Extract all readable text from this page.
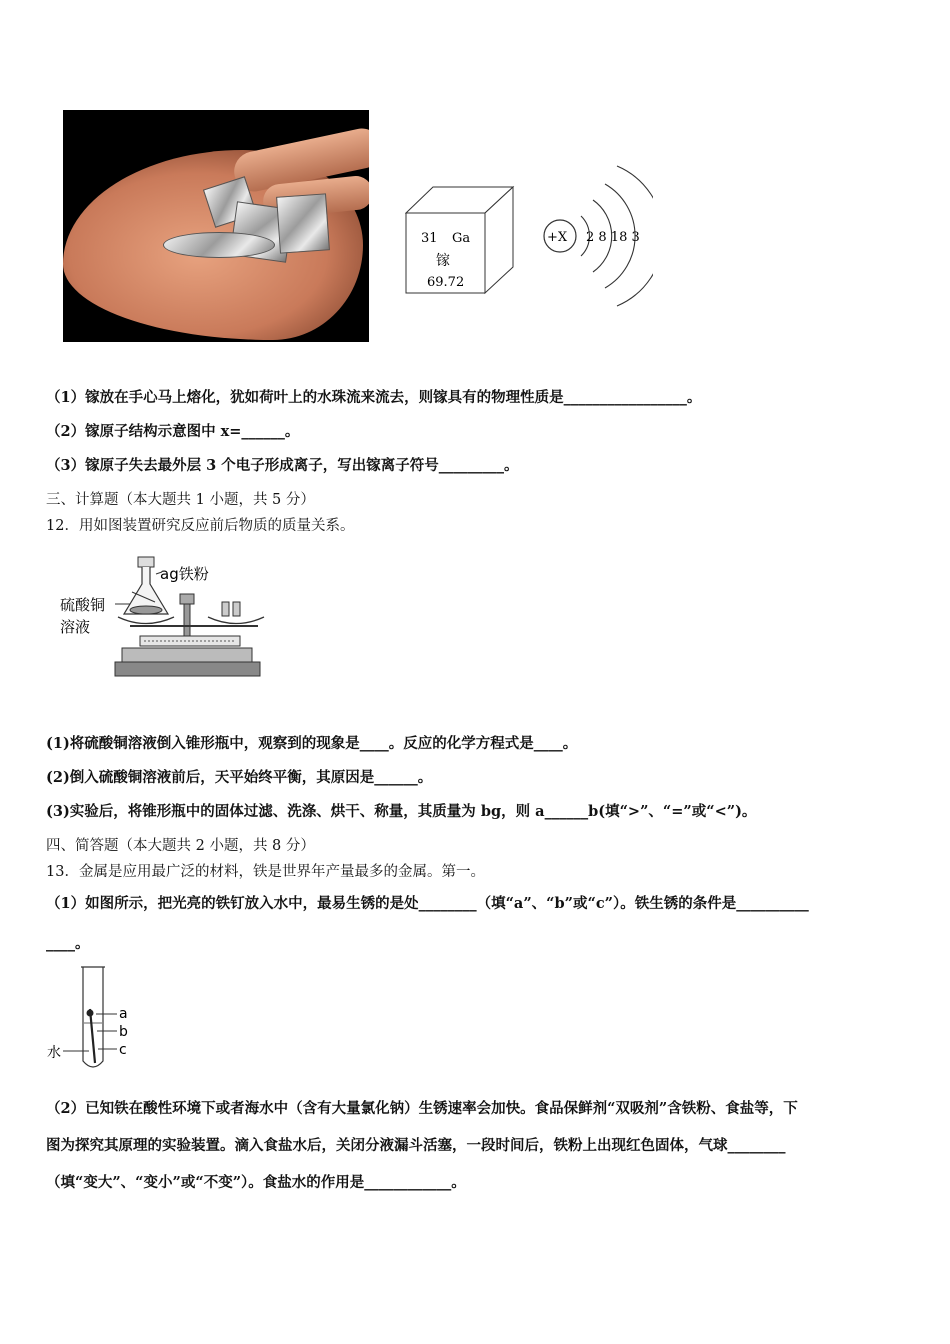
31 Ga
镓
69.72
+X 2 8 18 3
（1）镓放在手心马上熔化，犹如荷叶上的水珠流来流去，则镓具有的物理性质是_________________。
（2）镓原子结构示意图中 x=______。
（3）镓原子失去最外层 3 个电子形成离子，写出镓离子符号_________。
三、计算题（本大题共 1 小题，共 5 分）
12．用如图装置研究反应前后物质的质量关系。
ag铁粉
硫酸铜
溶液
(1)将硫酸铜溶液倒入锥形瓶中，观察到的现象是____。反应的化学方程式是____。
(2)倒入硫酸铜溶液前后，天平始终平衡，其原因是______。
(3)实验后，将锥形瓶中的固体过滤、洗涤、烘干、称量，其质量为 bg，则 a______b(填“>”、“=”或“<”)。
四、简答题（本大题共 2 小题，共 8 分）
13．金属是应用最广泛的材料，铁是世界年产量最多的金属。第一。
（1）如图所示，把光亮的铁钉放入水中，最易生锈的是处________（填“a”、“b”或“c”）。铁生锈的条件是__________
____。
a
b
c
水
（2）已知铁在酸性环境下或者海水中（含有大量氯化钠）生锈速率会加快。食品保鲜剂“双吸剂”含铁粉、食盐等，下
图为探究其原理的实验装置。滴入食盐水后，关闭分液漏斗活塞，一段时间后，铁粉上出现红色固体，气球________
（填“变大”、“变小”或“不变”）。食盐水的作用是____________。
